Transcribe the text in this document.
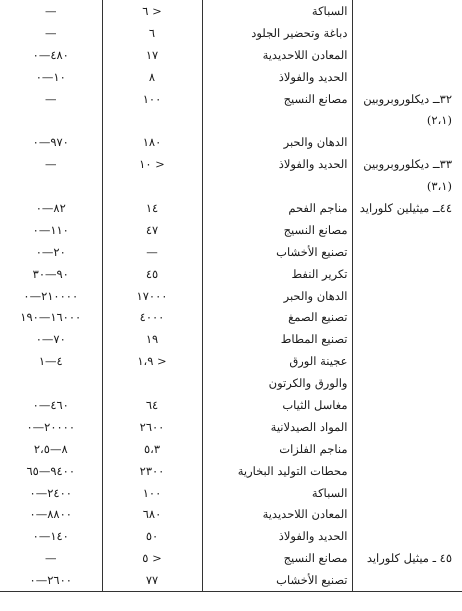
	السباكة	< ٦	—
	دباغة وتحضير الجلود	٦	—
	المعادن اللاحديدية	١٧	٤٨٠—٠
	الحديد والفولاذ	٨	١٠—٠
٣٢ــ ديكلوروبروبين	مصانع النسيج	١٠٠	—
(٢،١)			
	الدهان والحبر	١٨٠	٩٧٠—٠
٣٣ــ ديكلوروبروبين	الحديد والفولاذ	< ١٠	—
(٣،١)			
٤٤ــ ميثيلين كلورايد	مناجم الفحم	١٤	٨٢—٠
	مصانع النسيج	٤٧	١١٠—٠
	تصنيع الأخشاب	—	٢٠—٠
	تكرير النفط	٤٥	٩٠—٣٠
	الدهان والحبر	١٧٠٠٠	٢١٠٠٠٠—٠
	تصنيع الصمغ	٤٠٠٠	١٦٠٠٠—١٩٠
	تصنيع المطاط	١٩	٧٠—٠
	عجينة الورق	< ١،٩	٤—١
	والورق والكرتون		
	مغاسل الثياب	٦٤	٤٦٠—٠
	المواد الصيدلانية	٢٦٠٠	٢٠٠٠٠—٠
	مناجم الفلزات	٥،٣	٨—٢،٥
	محطات التوليد البخارية	٢٣٠٠	٩٤٠٠—٦٥
	السباكة	١٠٠	٢٤٠٠—٠
	المعادن اللاحديدية	٦٨٠	٨٨٠٠—٠
	الحديد والفولاذ	٥٠	١٤٠—٠
٤٥ ـ ميثيل كلورايد	مصانع النسيج	< ٥	—
	تصنيع الأخشاب	٧٧	٢٦٠٠—٠
